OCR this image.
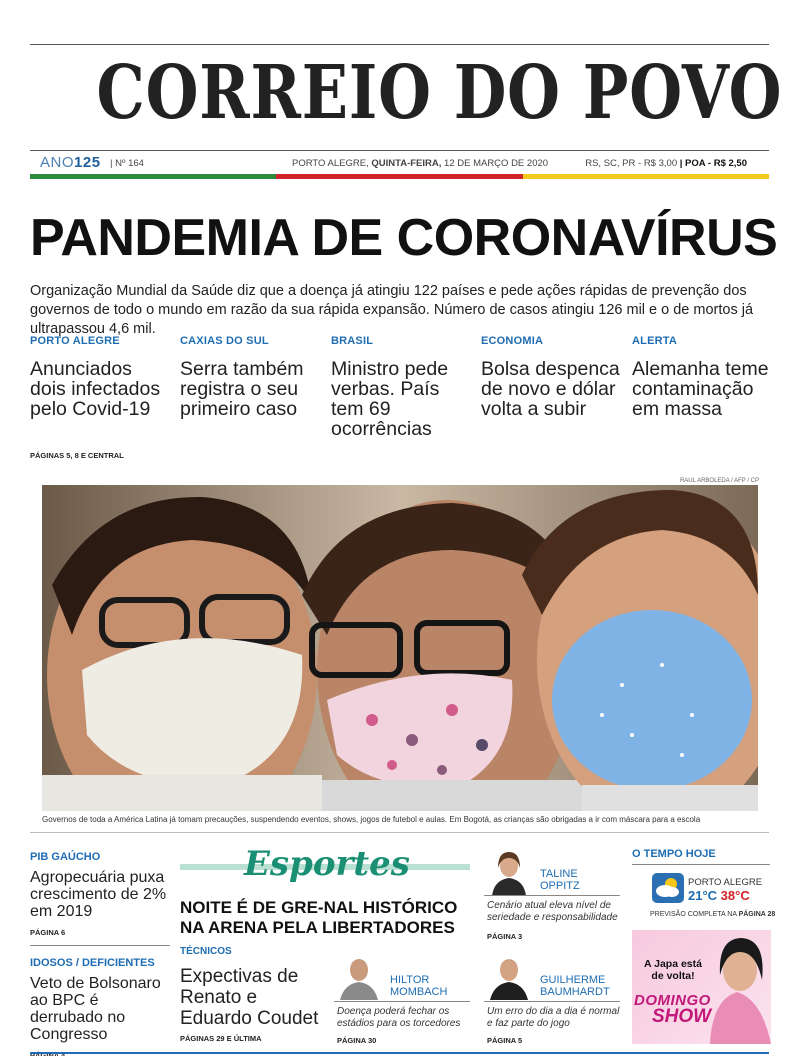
CORREIO DO POVO
ANO125 | Nº 164	PORTO ALEGRE, QUINTA-FEIRA, 12 DE MARÇO DE 2020	RS, SC, PR - R$ 3,00 | POA - R$ 2,50
PANDEMIA DE CORONAVÍRUS
Organização Mundial da Saúde diz que a doença já atingiu 122 países e pede ações rápidas de prevenção dos governos de todo o mundo em razão da sua rápida expansão. Número de casos atingiu 126 mil e o de mortos já ultrapassou 4,6 mil.
PORTO ALEGRE
Anunciados dois infectados pelo Covid-19
CAXIAS DO SUL
Serra também registra o seu primeiro caso
BRASIL
Ministro pede verbas. País tem 69 ocorrências
ECONOMIA
Bolsa despenca de novo e dólar volta a subir
ALERTA
Alemanha teme contaminação em massa
PÁGINAS 5, 8 E CENTRAL
RAUL ARBOLEDA / AFP / CP
Governos de toda a América Latina já tomam precauções, suspendendo eventos, shows, jogos de futebol e aulas. Em Bogotá, as crianças são obrigadas a ir com máscara para a escola
PIB GAÚCHO
Agropecuária puxa crescimento de 2% em 2019
PÁGINA 6
IDOSOS / DEFICIENTES
Veto de Bolsonaro ao BPC é derrubado no Congresso
Esportes
NOITE É DE GRE-NAL HISTÓRICO NA ARENA PELA LIBERTADORES
TÉCNICOS
Expectivas de Renato e Eduardo Coudet
PÁGINAS 29 E ÚLTIMA
TALINE OPPITZ
Cenário atual eleva nível de seriedade e responsabilidade
PÁGINA 3
HILTOR MOMBACH
Doença poderá fechar os estádios para os torcedores
PÁGINA 30
GUILHERME BAUMHARDT
Um erro do dia a dia é normal e faz parte do jogo
PÁGINA 5
O TEMPO HOJE
PORTO ALEGRE
21°C 38°C
PREVISÃO COMPLETA NA PÁGINA 28
A Japa está
de volta!
DOMINGO
SHOW
